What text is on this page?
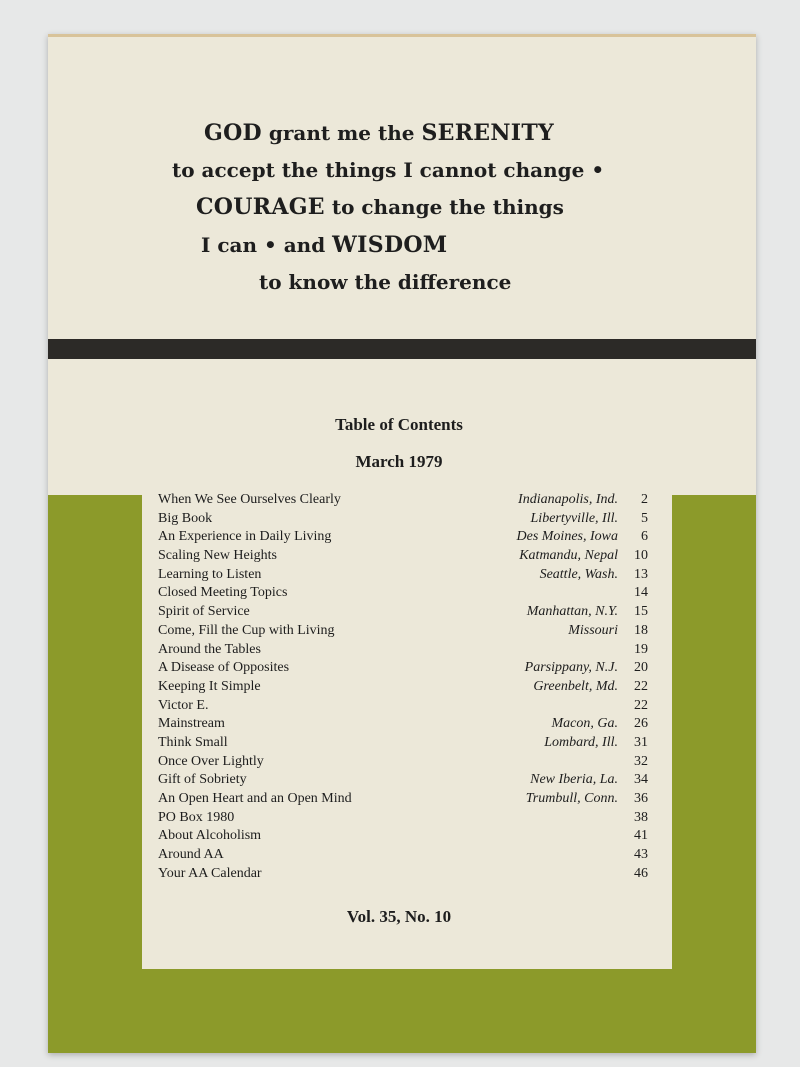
GOD grant me the SERENITY
to accept the things I cannot change •
COURAGE to change the things
I can • and WISDOM
to know the difference
Table of Contents
March 1979
When We See Ourselves Clearly	Indianapolis, Ind.	2
Big Book	Libertyville, Ill.	5
An Experience in Daily Living	Des Moines, Iowa	6
Scaling New Heights	Katmandu, Nepal	10
Learning to Listen	Seattle, Wash.	13
Closed Meeting Topics	14
Spirit of Service	Manhattan, N.Y.	15
Come, Fill the Cup with Living	Missouri	18
Around the Tables	19
A Disease of Opposites	Parsippany, N.J.	20
Keeping It Simple	Greenbelt, Md.	22
Victor E.	22
Mainstream	Macon, Ga.	26
Think Small	Lombard, Ill.	31
Once Over Lightly	32
Gift of Sobriety	New Iberia, La.	34
An Open Heart and an Open Mind	Trumbull, Conn.	36
PO Box 1980	38
About Alcoholism	41
Around AA	43
Your AA Calendar	46
Vol. 35, No. 10
